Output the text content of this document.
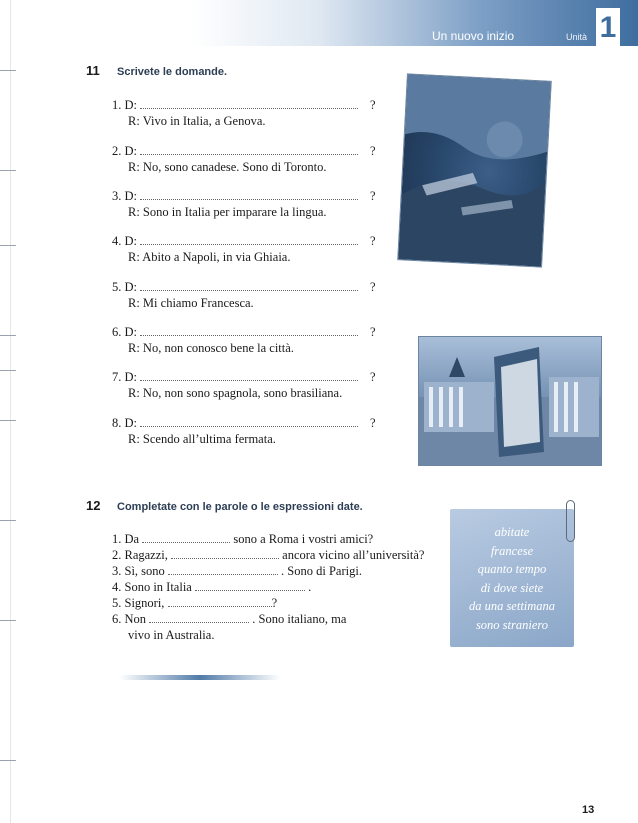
Un nuovo inizio	Unità 1
11 Scrivete le domande.
1. D:	?
R: Vivo in Italia, a Genova.
2. D:	?
R: No, sono canadese. Sono di Toronto.
3. D:	?
R: Sono in Italia per imparare la lingua.
4. D:	?
R: Abito a Napoli, in via Ghiaia.
5. D:	?
R: Mi chiamo Francesca.
6. D:	?
R: No, non conosco bene la città.
7. D:	?
R: No, non sono spagnola, sono brasiliana.
8. D:	?
R: Scendo all’ultima fermata.
12 Completate con le parole o le espressioni date.
1. Da	sono a Roma i vostri amici?
2. Ragazzi,	ancora vicino all’università?
3. Sì, sono	. Sono di Parigi.
4. Sono in Italia	.
5. Signori,	?
6. Non	. Sono italiano, ma
vivo in Australia.
abitate
francese
quanto tempo
di dove siete
da una settimana
sono straniero
13
